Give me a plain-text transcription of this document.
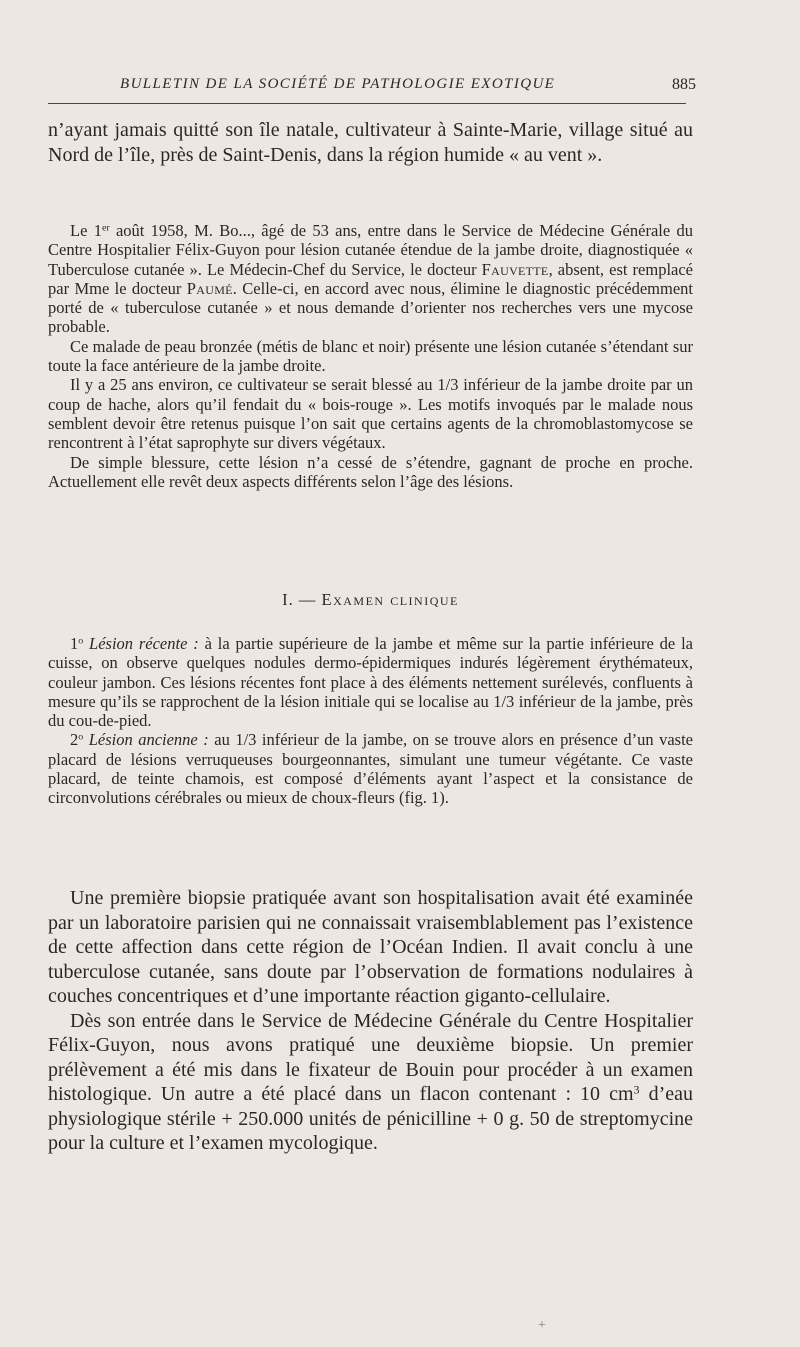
BULLETIN DE LA SOCIÉTÉ DE PATHOLOGIE EXOTIQUE	885

n’ayant jamais quitté son île natale, cultivateur à Sainte-Marie, village situé au Nord de l’île, près de Saint-Denis, dans la région humide « au vent ».

Le 1er août 1958, M. Bo..., âgé de 53 ans, entre dans le Service de Médecine Générale du Centre Hospitalier Félix-Guyon pour lésion cutanée étendue de la jambe droite, diagnostiquée « Tuberculose cutanée ». Le Médecin-Chef du Service, le docteur Fauvette, absent, est remplacé par Mme le docteur Paumé. Celle-ci, en accord avec nous, élimine le diagnostic précédemment porté de « tuberculose cutanée » et nous demande d’orienter nos recherches vers une mycose probable.

Ce malade de peau bronzée (métis de blanc et noir) présente une lésion cutanée s’étendant sur toute la face antérieure de la jambe droite.

Il y a 25 ans environ, ce cultivateur se serait blessé au 1/3 inférieur de la jambe droite par un coup de hache, alors qu’il fendait du « bois-rouge ». Les motifs invoqués par le malade nous semblent devoir être retenus puisque l’on sait que certains agents de la chromoblastomycose se rencontrent à l’état saprophyte sur divers végétaux.

De simple blessure, cette lésion n’a cessé de s’étendre, gagnant de proche en proche. Actuellement elle revêt deux aspects différents selon l’âge des lésions.

I. — Examen clinique

1$^o$ Lésion récente : à la partie supérieure de la jambe et même sur la partie inférieure de la cuisse, on observe quelques nodules dermo-épidermiques indurés légèrement érythémateux, couleur jambon. Ces lésions récentes font place à des éléments nettement surélevés, confluents à mesure qu’ils se rapprochent de la lésion initiale qui se localise au 1/3 inférieur de la jambe, près du cou-de-pied.

2$^o$ Lésion ancienne : au 1/3 inférieur de la jambe, on se trouve alors en présence d’un vaste placard de lésions verruqueuses bourgeonnantes, simulant une tumeur végétante. Ce vaste placard, de teinte chamois, est composé d’éléments ayant l’aspect et la consistance de circonvolutions cérébrales ou mieux de choux-fleurs (fig. 1).

Une première biopsie pratiquée avant son hospitalisation avait été examinée par un laboratoire parisien qui ne connaissait vraisemblablement pas l’existence de cette affection dans cette région de l’Océan Indien. Il avait conclu à une tuberculose cutanée, sans doute par l’observation de formations nodulaires à couches concentriques et d’une importante réaction giganto-cellulaire.

Dès son entrée dans le Service de Médecine Générale du Centre Hospitalier Félix-Guyon, nous avons pratiqué une deuxième biopsie. Un premier prélèvement a été mis dans le fixateur de Bouin pour procéder à un examen histologique. Un autre a été placé dans un flacon contenant : 10 $cm^3$ d’eau physiologique stérile + 250.000 unités de pénicilline + 0 g. 50 de streptomycine pour la culture et l’examen mycologique.

+
